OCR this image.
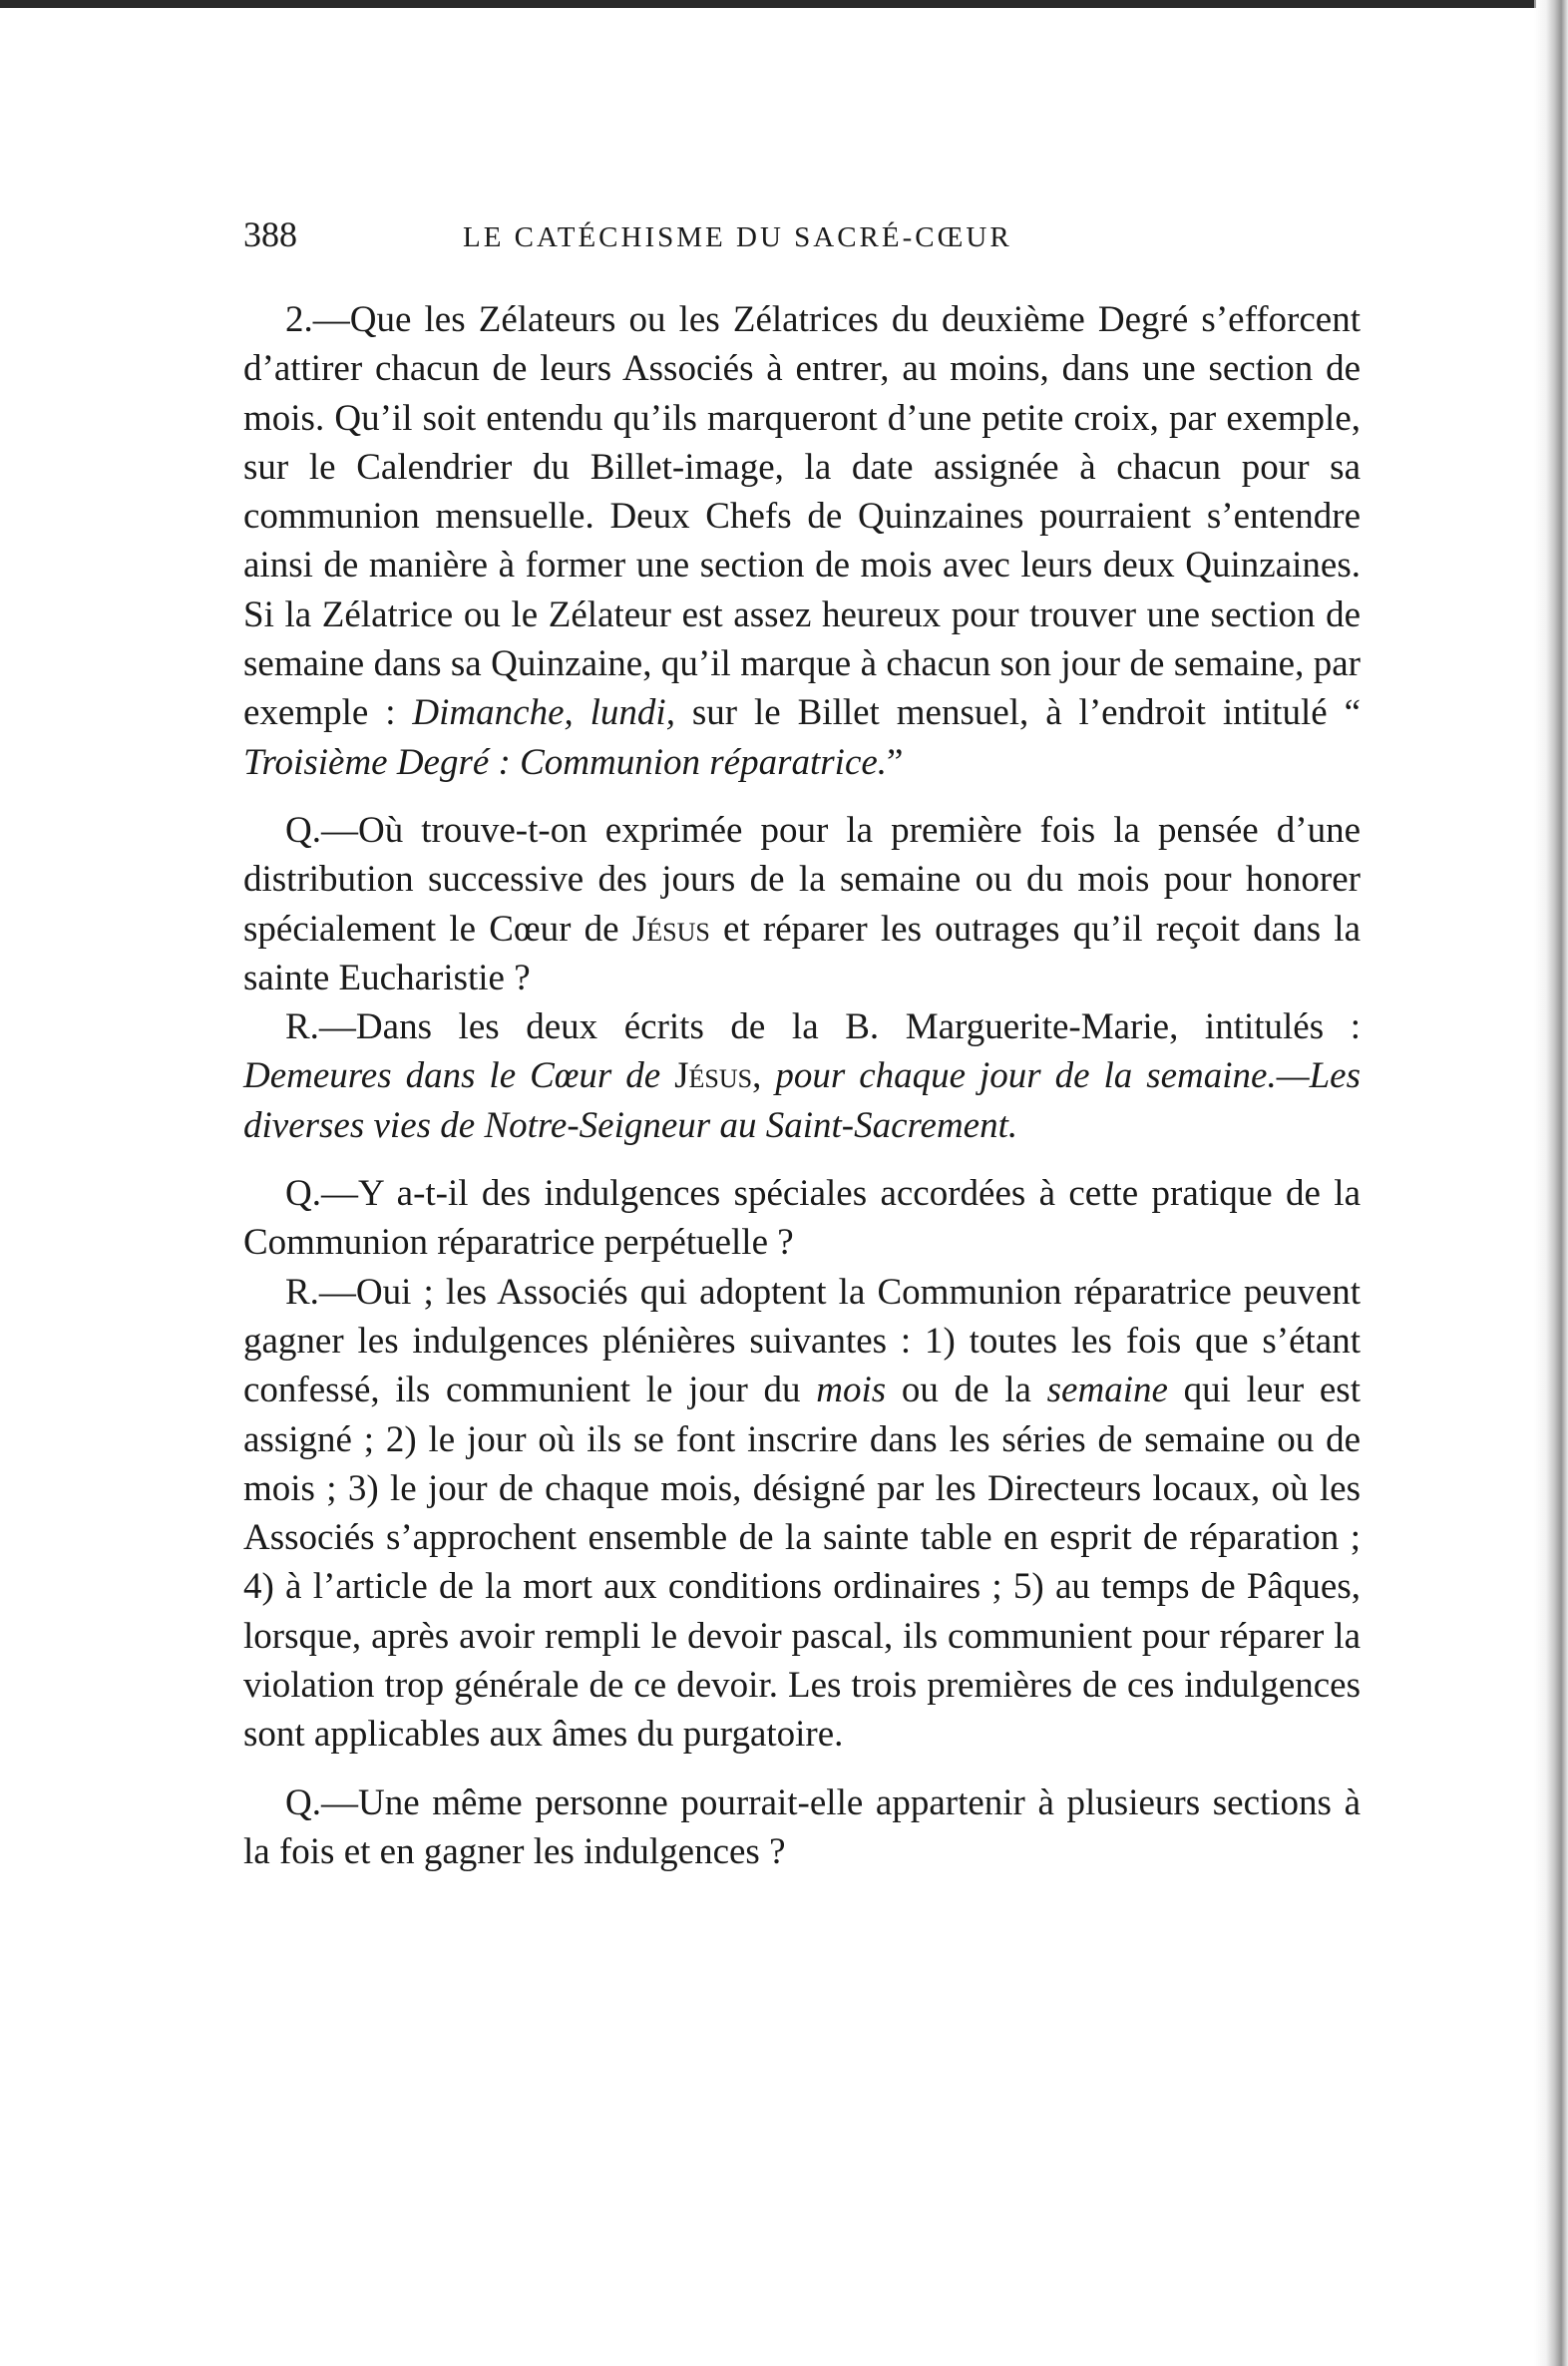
388	LE CATÉCHISME DU SACRÉ-CŒUR

2.—Que les Zélateurs ou les Zélatrices du deuxième Degré s’efforcent d’attirer chacun de leurs Associés à entrer, au moins, dans une section de mois. Qu’il soit entendu qu’ils marqueront d’une petite croix, par exemple, sur le Calendrier du Billet-image, la date assignée à chacun pour sa communion mensuelle. Deux Chefs de Quinzaines pourraient s’entendre ainsi de manière à former une section de mois avec leurs deux Quinzaines. Si la Zélatrice ou le Zélateur est assez heureux pour trouver une section de semaine dans sa Quinzaine, qu’il marque à chacun son jour de semaine, par exemple : Dimanche, lundi, sur le Billet mensuel, à l’endroit intitulé “ Troisième Degré : Communion réparatrice.”

Q.—Où trouve-t-on exprimée pour la première fois la pensée d’une distribution successive des jours de la semaine ou du mois pour honorer spécialement le Cœur de Jésus et réparer les outrages qu’il reçoit dans la sainte Eucharistie ?

R.—Dans les deux écrits de la B. Marguerite-Marie, intitulés : Demeures dans le Cœur de Jésus, pour chaque jour de la semaine.—Les diverses vies de Notre-Seigneur au Saint-Sacrement.

Q.—Y a-t-il des indulgences spéciales accordées à cette pratique de la Communion réparatrice perpétuelle ?

R.—Oui ; les Associés qui adoptent la Communion réparatrice peuvent gagner les indulgences plénières suivantes : 1) toutes les fois que s’étant confessé, ils communient le jour du mois ou de la semaine qui leur est assigné ; 2) le jour où ils se font inscrire dans les séries de semaine ou de mois ; 3) le jour de chaque mois, désigné par les Directeurs locaux, où les Associés s’approchent ensemble de la sainte table en esprit de réparation ; 4) à l’article de la mort aux conditions ordinaires ; 5) au temps de Pâques, lorsque, après avoir rempli le devoir pascal, ils communient pour réparer la violation trop générale de ce devoir. Les trois premières de ces indulgences sont applicables aux âmes du purgatoire.

Q.—Une même personne pourrait-elle appartenir à plusieurs sections à la fois et en gagner les indulgences ?
